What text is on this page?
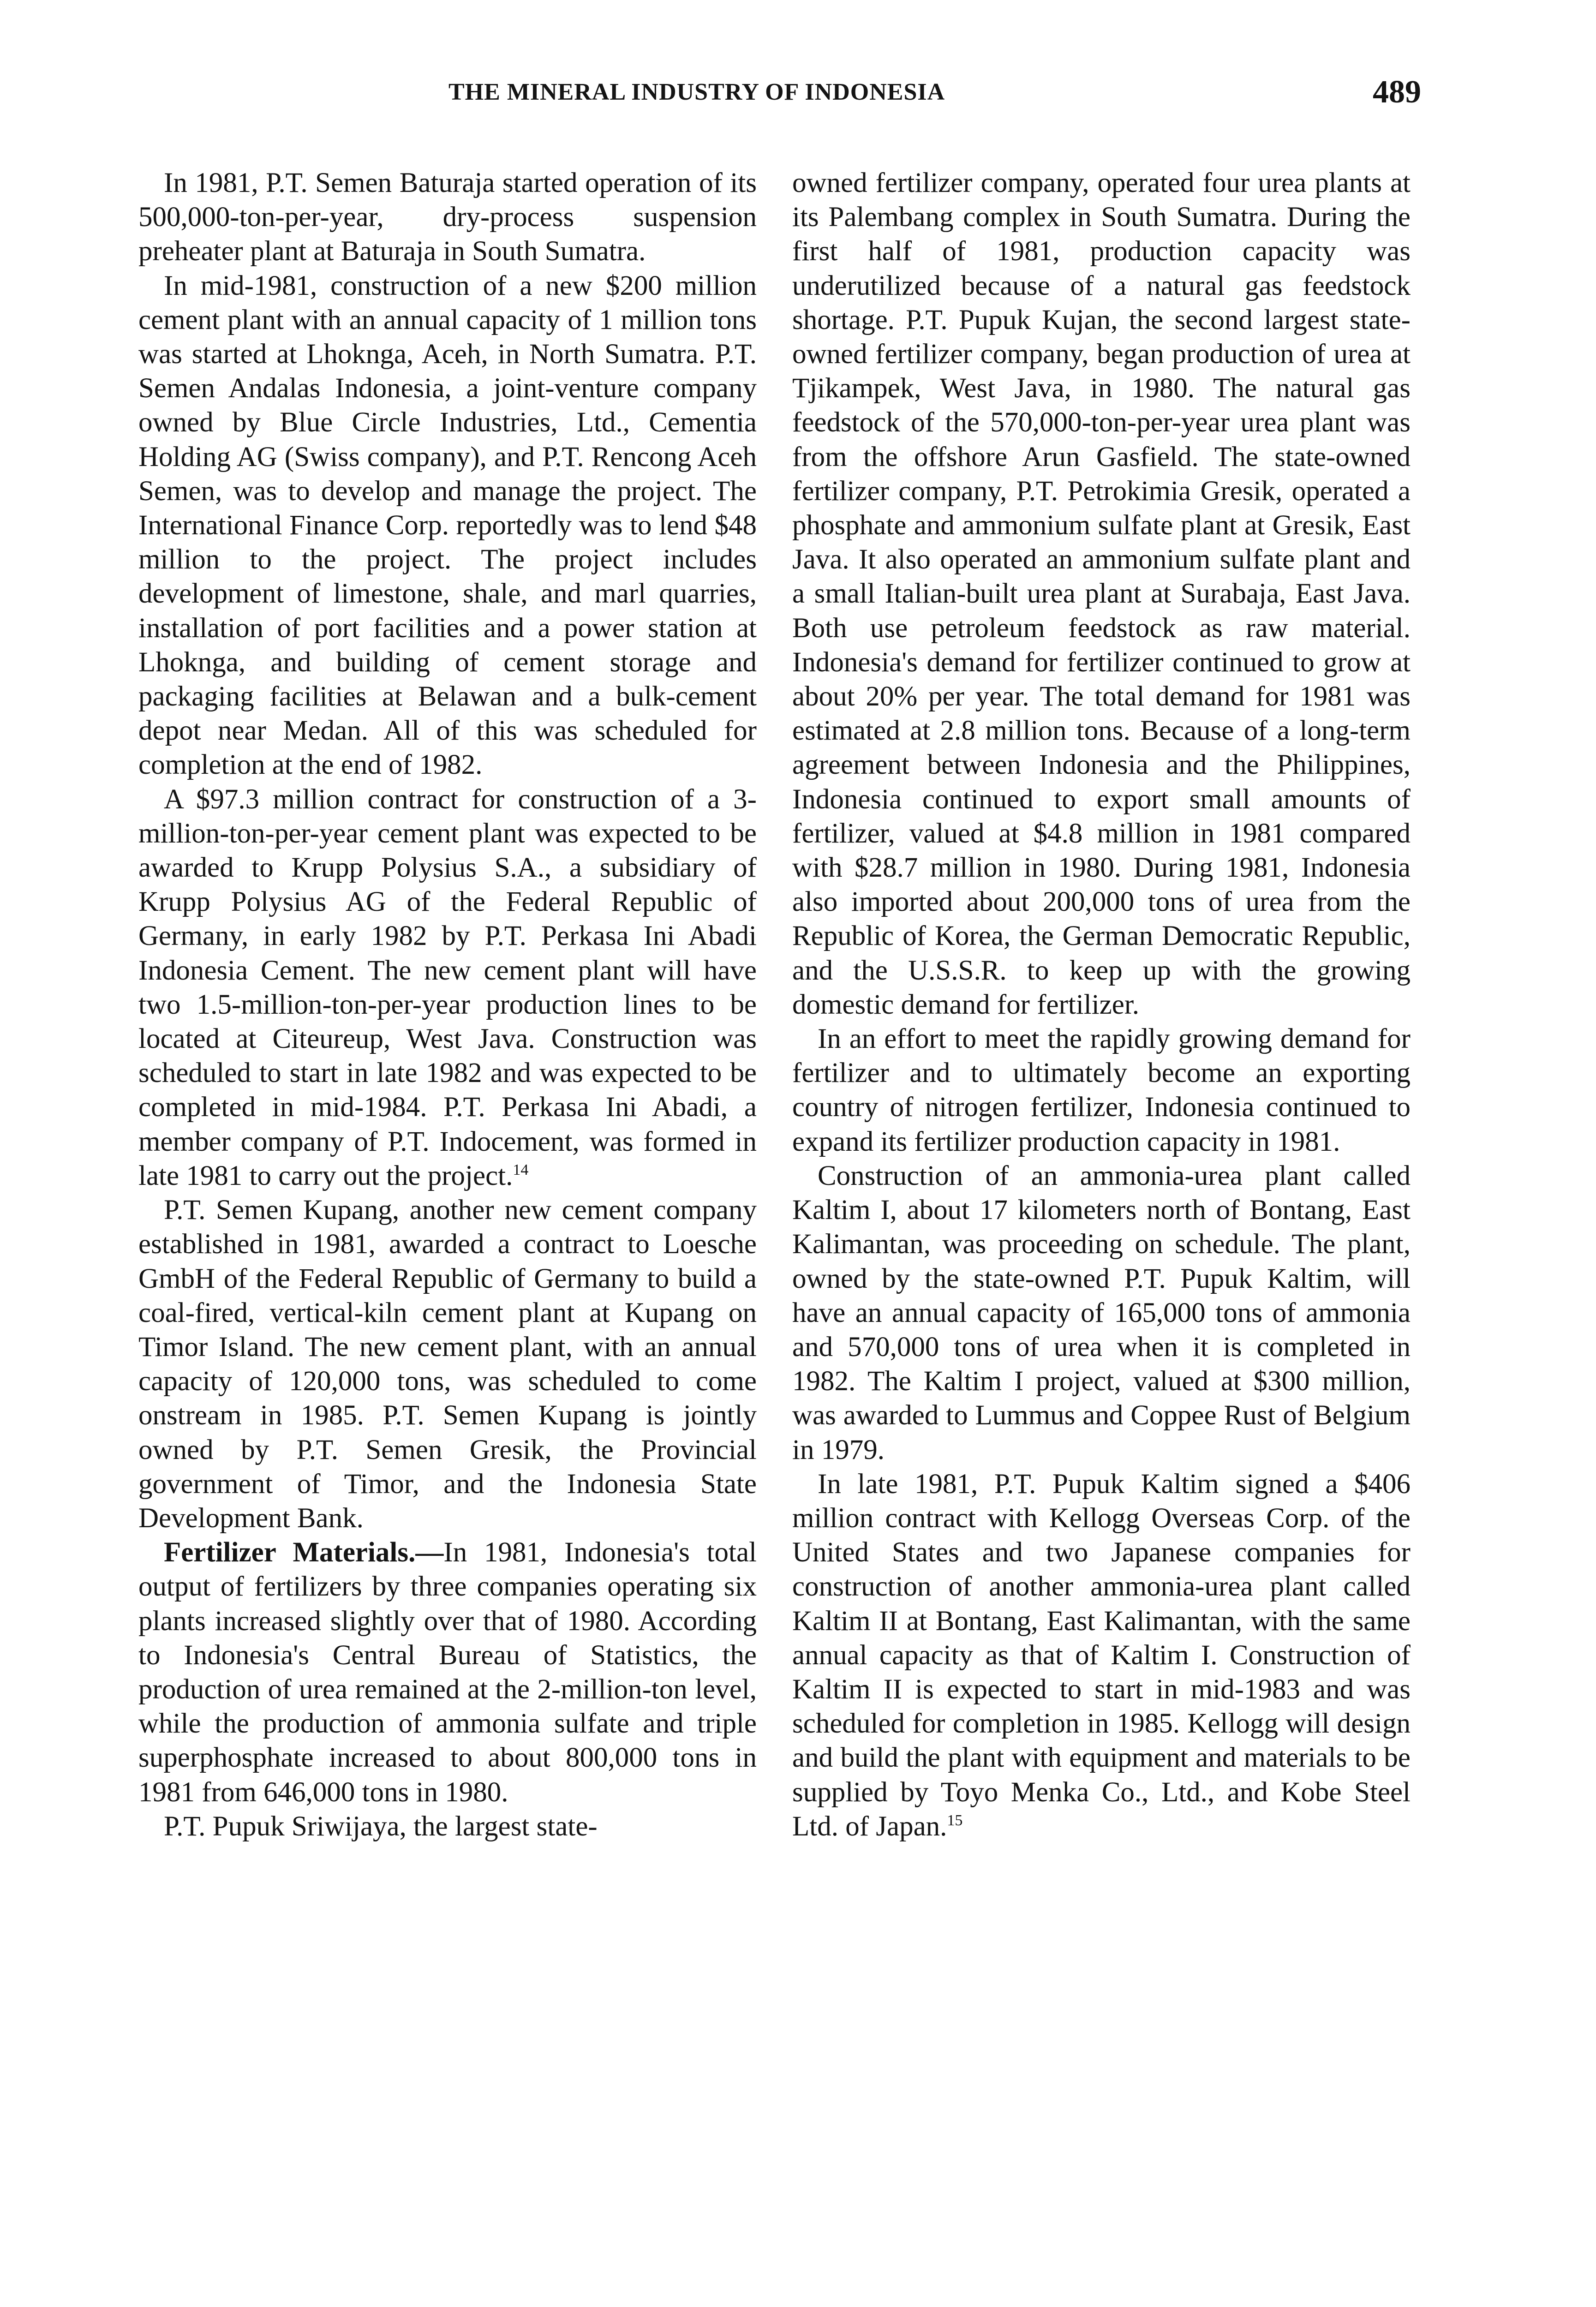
THE MINERAL INDUSTRY OF INDONESIA	489

In 1981, P.T. Semen Baturaja started operation of its 500,000-ton-per-year, dry-process suspension preheater plant at Baturaja in South Sumatra.

In mid-1981, construction of a new $200 million cement plant with an annual capacity of 1 million tons was started at Lhoknga, Aceh, in North Sumatra. P.T. Semen Andalas Indonesia, a joint-venture company owned by Blue Circle Industries, Ltd., Cementia Holding AG (Swiss company), and P.T. Rencong Aceh Semen, was to develop and manage the project. The International Finance Corp. reportedly was to lend $48 million to the project. The project includes development of limestone, shale, and marl quarries, installation of port facilities and a power station at Lhoknga, and building of cement storage and packaging facilities at Belawan and a bulk-cement depot near Medan. All of this was scheduled for completion at the end of 1982.

A $97.3 million contract for construction of a 3-million-ton-per-year cement plant was expected to be awarded to Krupp Polysius S.A., a subsidiary of Krupp Polysius AG of the Federal Republic of Germany, in early 1982 by P.T. Perkasa Ini Abadi Indonesia Cement. The new cement plant will have two 1.5-million-ton-per-year production lines to be located at Citeureup, West Java. Construction was scheduled to start in late 1982 and was expected to be completed in mid-1984. P.T. Perkasa Ini Abadi, a member company of P.T. Indocement, was formed in late 1981 to carry out the project.$^{14}$

P.T. Semen Kupang, another new cement company established in 1981, awarded a contract to Loesche GmbH of the Federal Republic of Germany to build a coal-fired, vertical-kiln cement plant at Kupang on Timor Island. The new cement plant, with an annual capacity of 120,000 tons, was scheduled to come onstream in 1985. P.T. Semen Kupang is jointly owned by P.T. Semen Gresik, the Provincial government of Timor, and the Indonesia State Development Bank.

Fertilizer Materials.—In 1981, Indonesia's total output of fertilizers by three companies operating six plants increased slightly over that of 1980. According to Indonesia's Central Bureau of Statistics, the production of urea remained at the 2-million-ton level, while the production of ammonia sulfate and triple superphosphate increased to about 800,000 tons in 1981 from 646,000 tons in 1980.

P.T. Pupuk Sriwijaya, the largest state-

owned fertilizer company, operated four urea plants at its Palembang complex in South Sumatra. During the first half of 1981, production capacity was underutilized because of a natural gas feedstock shortage. P.T. Pupuk Kujan, the second largest state-owned fertilizer company, began production of urea at Tjikampek, West Java, in 1980. The natural gas feedstock of the 570,000-ton-per-year urea plant was from the offshore Arun Gasfield. The state-owned fertilizer company, P.T. Petrokimia Gresik, operated a phosphate and ammonium sulfate plant at Gresik, East Java. It also operated an ammonium sulfate plant and a small Italian-built urea plant at Surabaja, East Java. Both use petroleum feedstock as raw material. Indonesia's demand for fertilizer continued to grow at about 20% per year. The total demand for 1981 was estimated at 2.8 million tons. Because of a long-term agreement between Indonesia and the Philippines, Indonesia continued to export small amounts of fertilizer, valued at $4.8 million in 1981 compared with $28.7 million in 1980. During 1981, Indonesia also imported about 200,000 tons of urea from the Republic of Korea, the German Democratic Republic, and the U.S.S.R. to keep up with the growing domestic demand for fertilizer.

In an effort to meet the rapidly growing demand for fertilizer and to ultimately become an exporting country of nitrogen fertilizer, Indonesia continued to expand its fertilizer production capacity in 1981.

Construction of an ammonia-urea plant called Kaltim I, about 17 kilometers north of Bontang, East Kalimantan, was proceeding on schedule. The plant, owned by the state-owned P.T. Pupuk Kaltim, will have an annual capacity of 165,000 tons of ammonia and 570,000 tons of urea when it is completed in 1982. The Kaltim I project, valued at $300 million, was awarded to Lummus and Coppee Rust of Belgium in 1979.

In late 1981, P.T. Pupuk Kaltim signed a $406 million contract with Kellogg Overseas Corp. of the United States and two Japanese companies for construction of another ammonia-urea plant called Kaltim II at Bontang, East Kalimantan, with the same annual capacity as that of Kaltim I. Construction of Kaltim II is expected to start in mid-1983 and was scheduled for completion in 1985. Kellogg will design and build the plant with equipment and materials to be supplied by Toyo Menka Co., Ltd., and Kobe Steel Ltd. of Japan.$^{15}$
